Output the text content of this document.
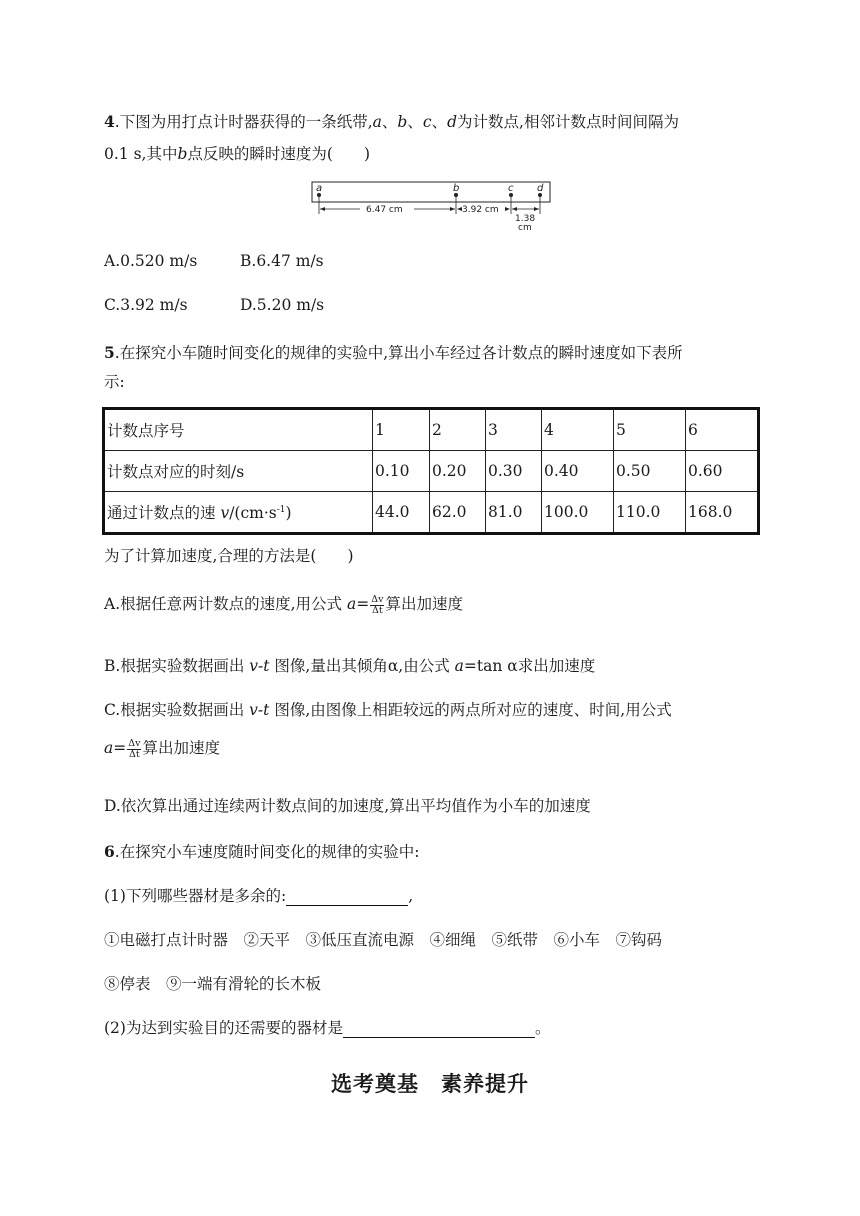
4.下图为用打点计时器获得的一条纸带,a、b、c、d为计数点,相邻计数点时间间隔为
0.1 s,其中b点反映的瞬时速度为(　　)
a	b	c d
6.47 cm	3.92 cm
1.38
cm
A.0.520 m/s	B.6.47 m/s
C.3.92 m/s	D.5.20 m/s
5.在探究小车随时间变化的规律的实验中,算出小车经过各计数点的瞬时速度如下表所
示:
计数点序号	1	2	3	4	5	6
计数点对应的时刻/s	0.10	0.20	0.30	0.40	0.50	0.60
通过计数点的速 $v/(cm\cdot s^{-1})$	44.0	62.0	81.0	100.0	110.0	168.0
为了计算加速度,合理的方法是(　　)
A.根据任意两计数点的速度,用公式 $a= \frac{\Delta v}{\Delta t}$ 算出加速度
B.根据实验数据画出 v-t 图像,量出其倾角α,由公式 a=tan α求出加速度
C.根据实验数据画出 v-t 图像,由图像上相距较远的两点所对应的速度、时间,用公式
$a= \frac{\Delta v}{\Delta t}$ 算出加速度
D.依次算出通过连续两计数点间的加速度,算出平均值作为小车的加速度
6.在探究小车速度随时间变化的规律的实验中:
(1)下列哪些器材是多余的:	,
①电磁打点计时器　②天平　③低压直流电源　④细绳　⑤纸带　⑥小车　⑦钩码
⑧停表　⑨一端有滑轮的长木板
(2)为达到实验目的还需要的器材是	。
选考奠基　素养提升
